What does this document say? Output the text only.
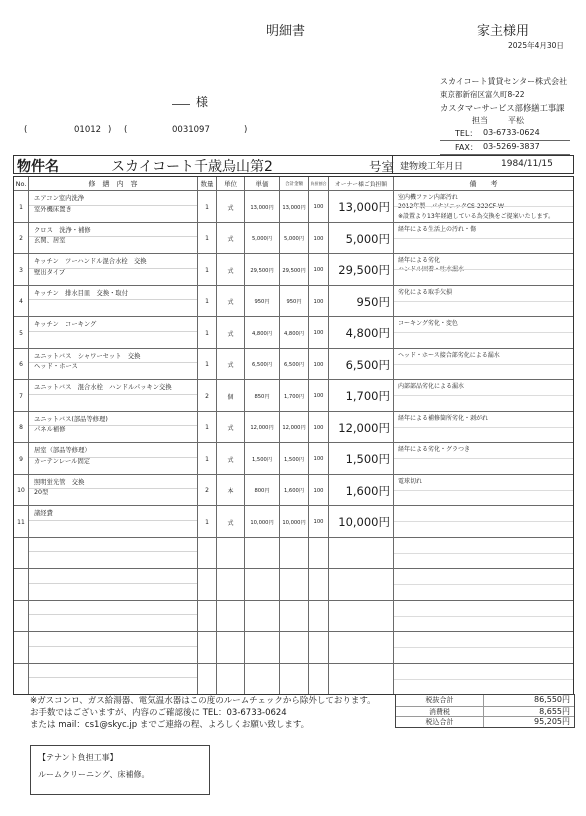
明細書	家主様用
2025年4月30日
様
(	01012 ) (	0031097	)
スカイコート賃貸センター株式会社
東京都新宿区富久町8-22
カスタマーサービス部修繕工事課
担当	平松
TEL： 03-6733-0624
FAX： 03-5269-3837
物件名	スカイコート千歳烏山第2	号室 建物竣工年月日	1984/11/15
No.	修　繕　内　容	数量	単位	単価	合計金額	負担割合	オーナー様ご負担額	備　　考
1
エアコン室内洗浄
室外機床置き	1	式	13,000円	13,000円	100	13,000円
室内機ファン内部汚れ
2012年製　パナソニックCS-222CF-W
※設置より13年経過している為交換をご提案いたします。
2
クロス　洗浄・補修
玄関、居室	1	式	5,000円	5,000円	100	5,000円
経年による生活上の汚れ・傷
3
キッチン　ツーハンドル混合水栓　交換
壁出タイプ	1	式	29,500円	29,500円	100	29,500円
経年による劣化
ハンドル固着・吐水漏水
4
キッチン　排水目皿　交換・取付
1	式	950円	950円	100	950円
劣化による取手欠損
5
キッチン　コーキング
1	式	4,800円	4,800円	100	4,800円
コーキング劣化・変色
6
ユニットバス　シャワーセット　交換
ヘッド・ホース	1	式	6,500円	6,500円	100	6,500円
ヘッド・ホース接合部劣化による漏水
7
ユニットバス　混合水栓　ハンドルパッキン交換
2	個	850円	1,700円	100	1,700円
内部部品劣化による漏水
8
ユニットバス(部品等修理)
パネル補修	1	式	12,000円	12,000円	100	12,000円
経年による補修箇所劣化・剥がれ
9
居室（部品等修理）
カーテンレール固定	1	式	1,500円	1,500円	100	1,500円
経年による劣化・グラつき
10
照明蛍光管　交換
20型	2	本	800円	1,600円	100	1,600円
電球切れ
11
諸経費
1	式	10,000円	10,000円	100	10,000円
※ガスコンロ、ガス給湯器、電気温水器はこの度のルームチェックから除外しております。
お手数ではございますが、内容のご確認後に TEL：03-6733-0624
または mail：cs1@skyc.jp までご連絡の程、よろしくお願い致します。
税抜合計	86,550円
消費税	8,655円
税込合計	95,205円
【テナント負担工事】
ルームクリーニング、床補修。
